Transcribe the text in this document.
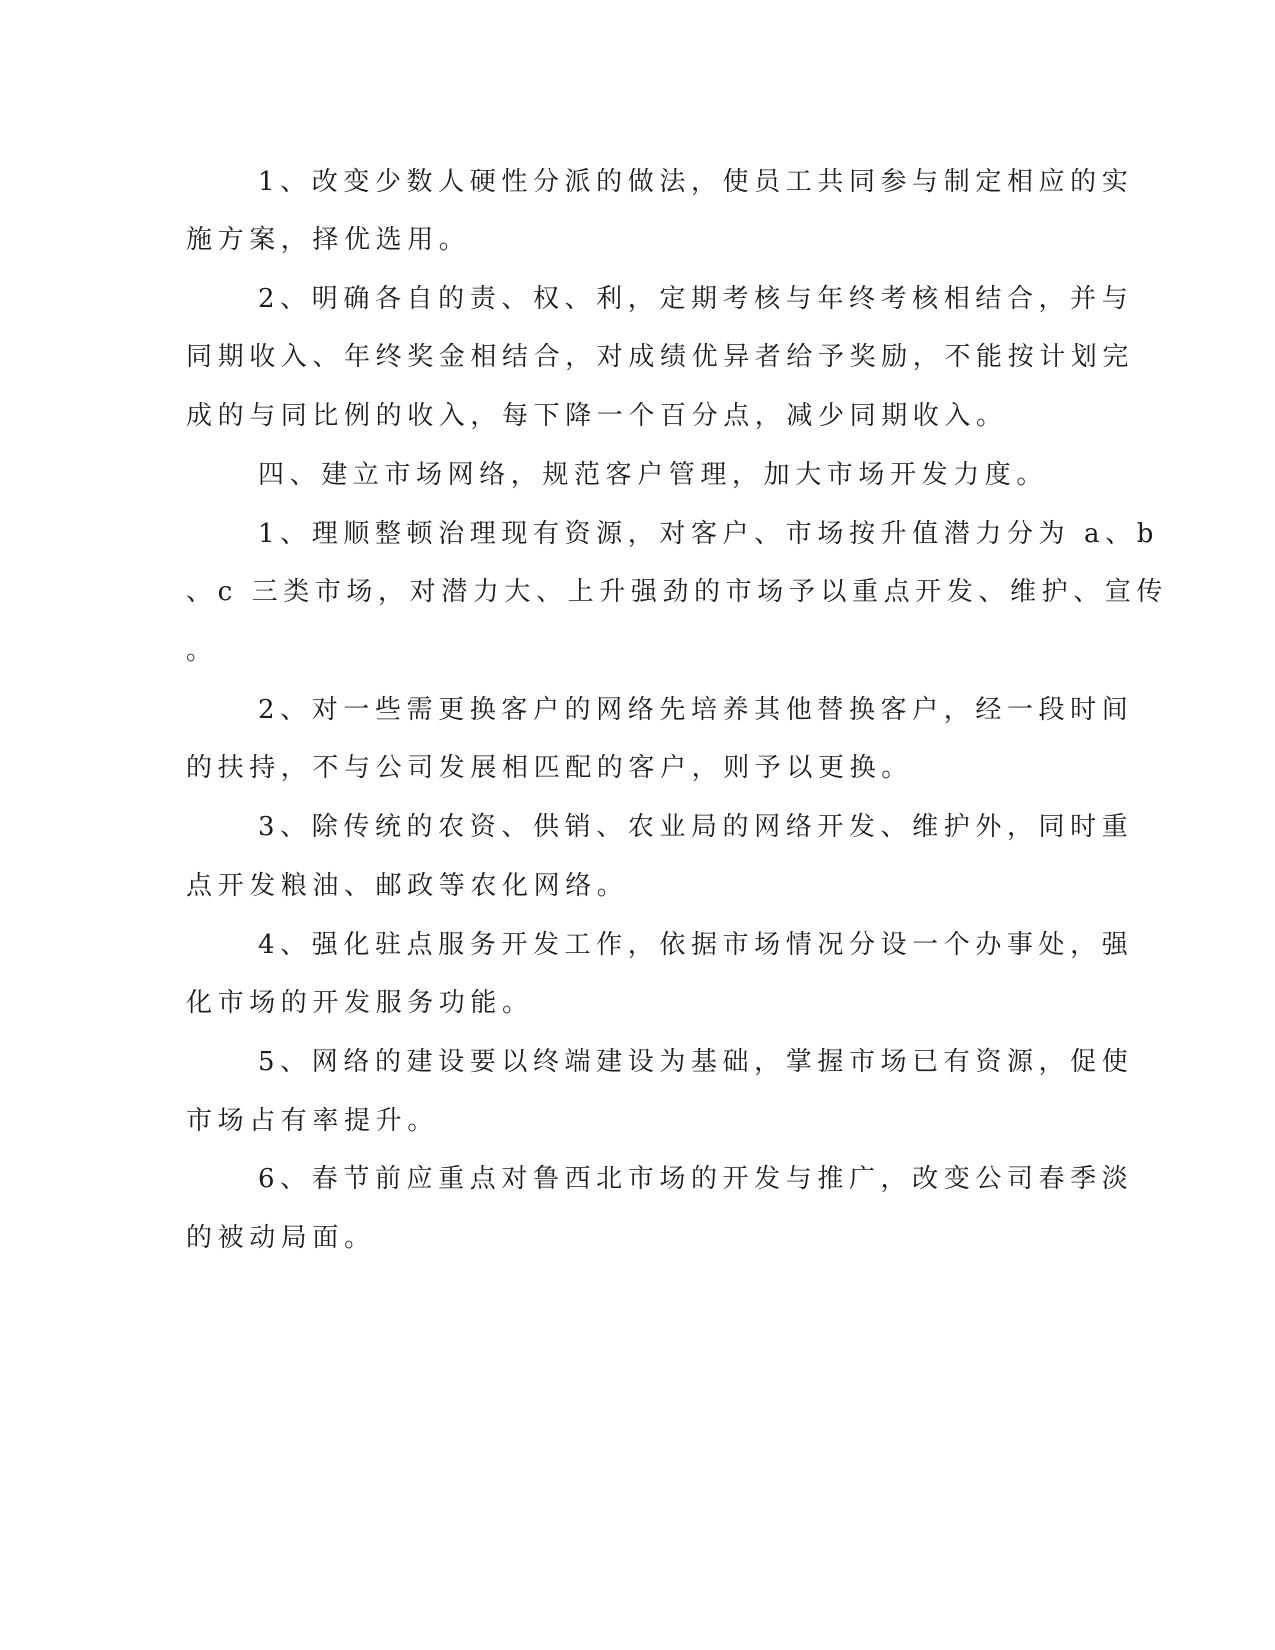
1、改变少数人硬性分派的做法，使员工共同参与制定相应的实
施方案，择优选用。
2、明确各自的责、权、利，定期考核与年终考核相结合，并与
同期收入、年终奖金相结合，对成绩优异者给予奖励，不能按计划完
成的与同比例的收入，每下降一个百分点，减少同期收入。
四、建立市场网络，规范客户管理，加大市场开发力度。
1、理顺整顿治理现有资源，对客户、市场按升值潜力分为 a、b
、c 三类市场，对潜力大、上升强劲的市场予以重点开发、维护、宣传
。
2、对一些需更换客户的网络先培养其他替换客户，经一段时间
的扶持，不与公司发展相匹配的客户，则予以更换。
3、除传统的农资、供销、农业局的网络开发、维护外，同时重
点开发粮油、邮政等农化网络。
4、强化驻点服务开发工作，依据市场情况分设一个办事处，强
化市场的开发服务功能。
5、网络的建设要以终端建设为基础，掌握市场已有资源，促使
市场占有率提升。
6、春节前应重点对鲁西北市场的开发与推广，改变公司春季淡
的被动局面。
